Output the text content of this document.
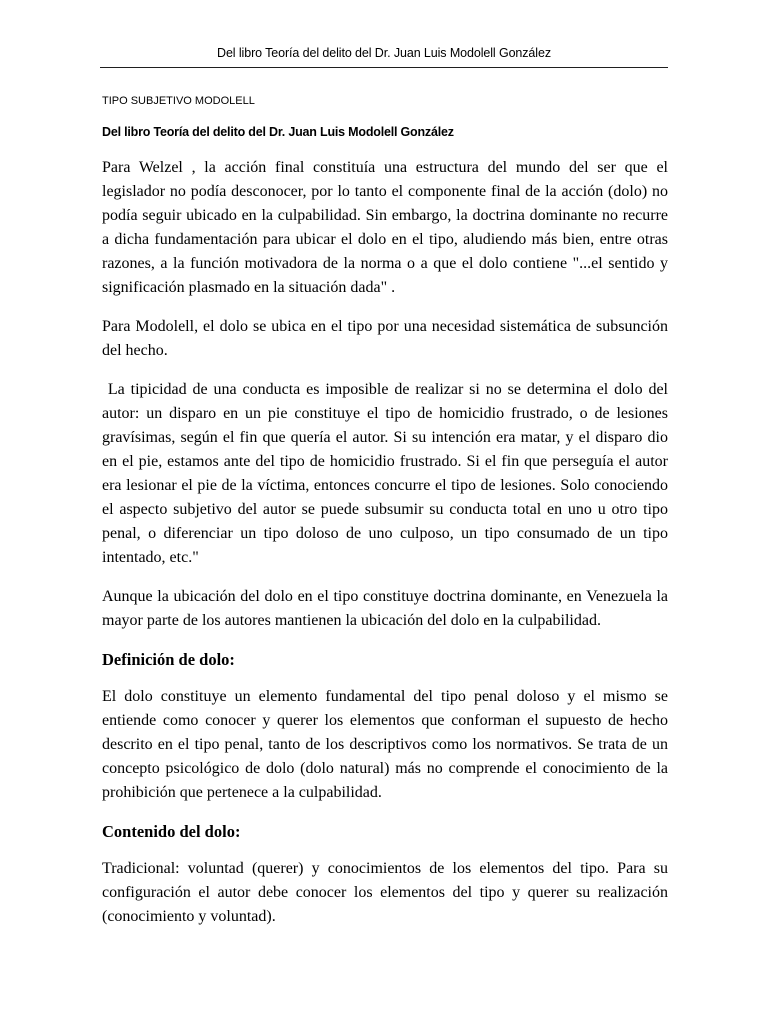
Del libro Teoría del delito del Dr. Juan Luis Modolell González
TIPO SUBJETIVO MODOLELL
Del libro Teoría del delito del Dr. Juan Luis Modolell González

Para Welzel , la acción final constituía una estructura del mundo del ser que el legislador no podía desconocer, por lo tanto el componente final de la acción (dolo) no podía seguir ubicado en la culpabilidad. Sin embargo, la doctrina dominante no recurre a dicha fundamentación para ubicar el dolo en el tipo, aludiendo más bien, entre otras razones, a la función motivadora de la norma o a que el dolo contiene "...el sentido y significación plasmado en la situación dada" .

Para Modolell, el dolo se ubica en el tipo por una necesidad sistemática de subsunción del hecho.

La tipicidad de una conducta es imposible de realizar si no se determina el dolo del autor: un disparo en un pie constituye el tipo de homicidio frustrado, o de lesiones gravísimas, según el fin que quería el autor. Si su intención era matar, y el disparo dio en el pie, estamos ante del tipo de homicidio frustrado. Si el fin que perseguía el autor era lesionar el pie de la víctima, entonces concurre el tipo de lesiones. Solo conociendo el aspecto subjetivo del autor se puede subsumir su conducta total en uno u otro tipo penal, o diferenciar un tipo doloso de uno culposo, un tipo consumado de un tipo intentado, etc."

Aunque la ubicación del dolo en el tipo constituye doctrina dominante, en Venezuela la mayor parte de los autores mantienen la ubicación del dolo en la culpabilidad.

Definición de dolo:

El dolo constituye un elemento fundamental del tipo penal doloso y el mismo se entiende como conocer y querer los elementos que conforman el supuesto de hecho descrito en el tipo penal, tanto de los descriptivos como los normativos. Se trata de un concepto psicológico de dolo (dolo natural) más no comprende el conocimiento de la prohibición que pertenece a la culpabilidad.

Contenido del dolo:

Tradicional: voluntad (querer) y conocimientos de los elementos del tipo. Para su configuración el autor debe conocer los elementos del tipo y querer su realización (conocimiento y voluntad).
